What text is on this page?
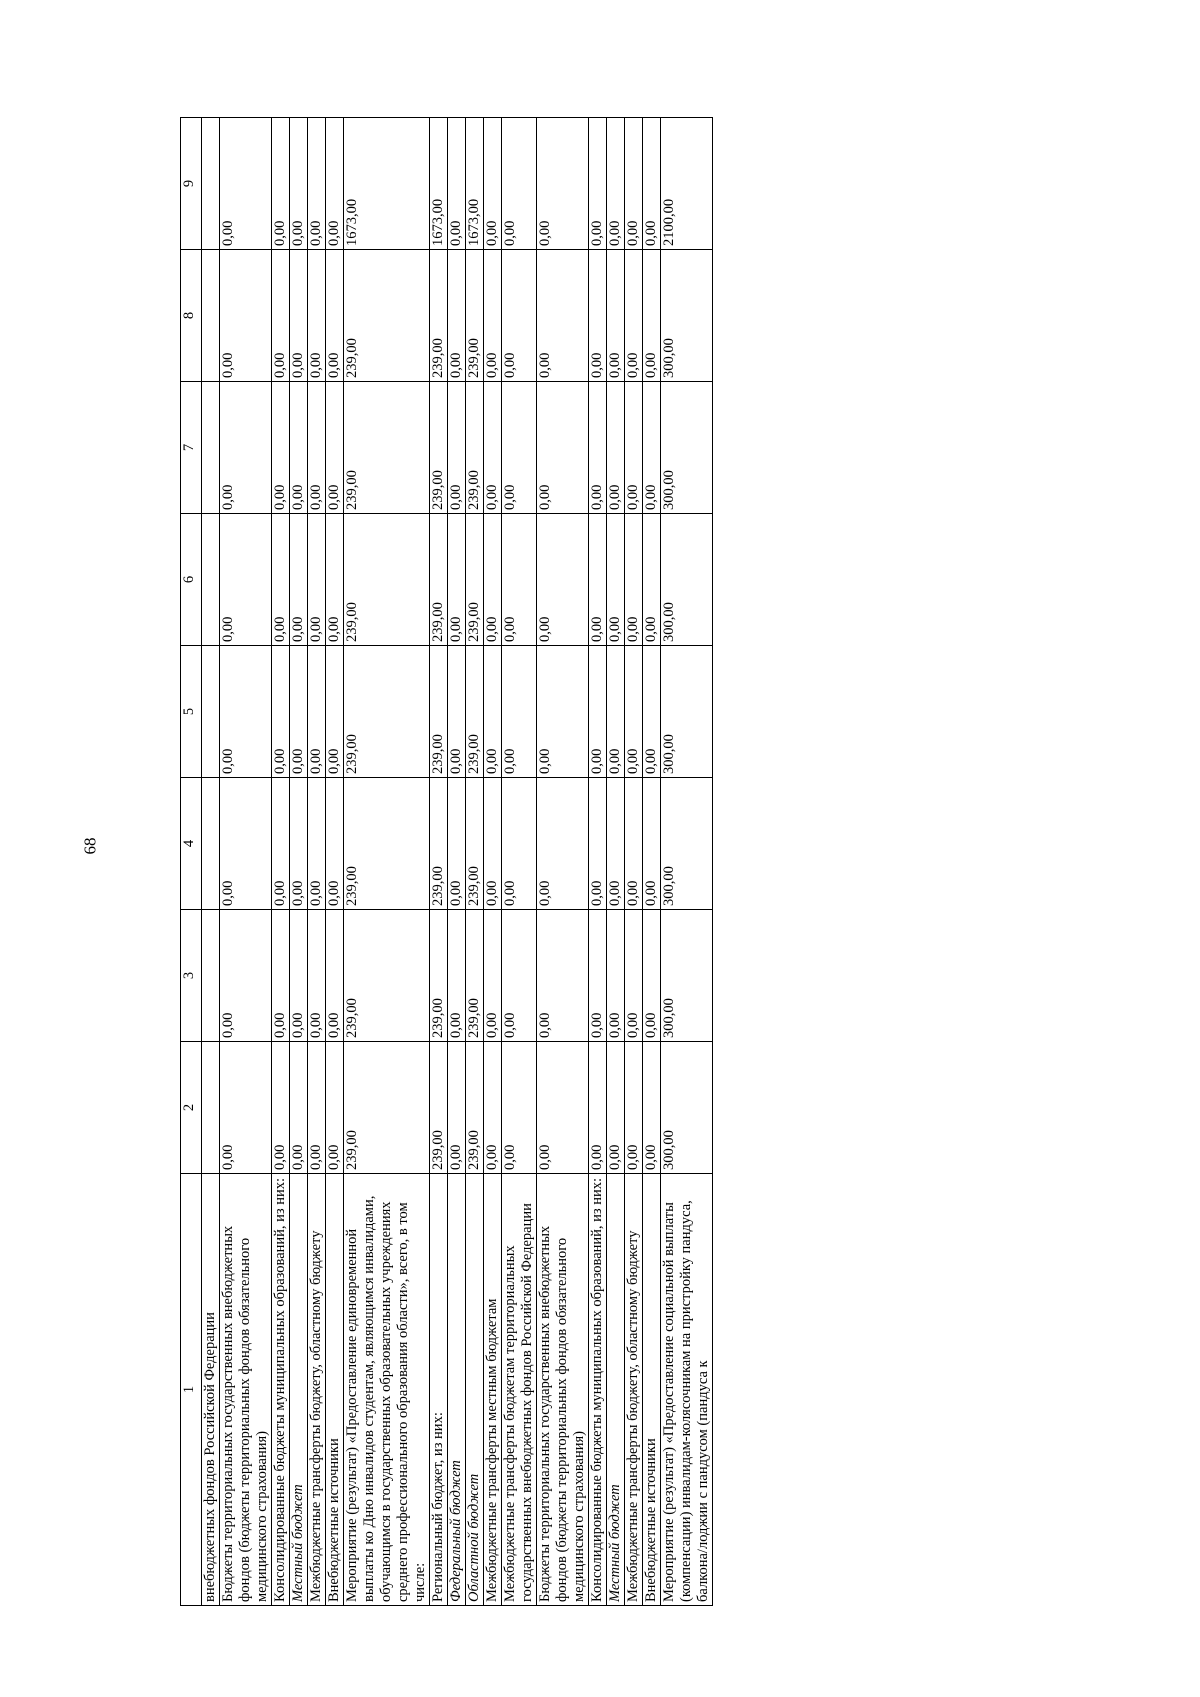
68
1	2	3	4	5	6	7	8	9
внебюджетных фондов Российской Федерации								
Бюджеты территориальных государственных внебюджетных фондов (бюджеты территориальных фондов обязательного медицинского страхования)	0,00	0,00	0,00	0,00	0,00	0,00	0,00	0,00
Консолидированные бюджеты муниципальных образований, из них:	0,00	0,00	0,00	0,00	0,00	0,00	0,00	0,00
Местный бюджет	0,00	0,00	0,00	0,00	0,00	0,00	0,00	0,00
Межбюджетные трансферты бюджету, областному бюджету	0,00	0,00	0,00	0,00	0,00	0,00	0,00	0,00
Внебюджетные источники	0,00	0,00	0,00	0,00	0,00	0,00	0,00	0,00
Мероприятие (результат) «Предоставление единовременной выплаты ко Дню инвалидов студентам, являющимся инвалидами, обучающимся в государственных образовательных учреждениях среднего профессионального образования области», всего, в том числе:	239,00	239,00	239,00	239,00	239,00	239,00	239,00	1673,00
Региональный бюджет, из них:	239,00	239,00	239,00	239,00	239,00	239,00	239,00	1673,00
Федеральный бюджет	0,00	0,00	0,00	0,00	0,00	0,00	0,00	0,00
Областной бюджет	239,00	239,00	239,00	239,00	239,00	239,00	239,00	1673,00
Межбюджетные трансферты местным бюджетам	0,00	0,00	0,00	0,00	0,00	0,00	0,00	0,00
Межбюджетные трансферты бюджетам территориальных государственных внебюджетных фондов Российской Федерации	0,00	0,00	0,00	0,00	0,00	0,00	0,00	0,00
Бюджеты территориальных государственных внебюджетных фондов (бюджеты территориальных фондов обязательного медицинского страхования)	0,00	0,00	0,00	0,00	0,00	0,00	0,00	0,00
Консолидированные бюджеты муниципальных образований, из них:	0,00	0,00	0,00	0,00	0,00	0,00	0,00	0,00
Местный бюджет	0,00	0,00	0,00	0,00	0,00	0,00	0,00	0,00
Межбюджетные трансферты бюджету, областному бюджету	0,00	0,00	0,00	0,00	0,00	0,00	0,00	0,00
Внебюджетные источники	0,00	0,00	0,00	0,00	0,00	0,00	0,00	0,00
Мероприятие (результат) «Предоставление социальной выплаты (компенсации) инвалидам-колясочникам на пристройку пандуса, балкона/лоджии с пандусом (пандуса к	300,00	300,00	300,00	300,00	300,00	300,00	300,00	2100,00
